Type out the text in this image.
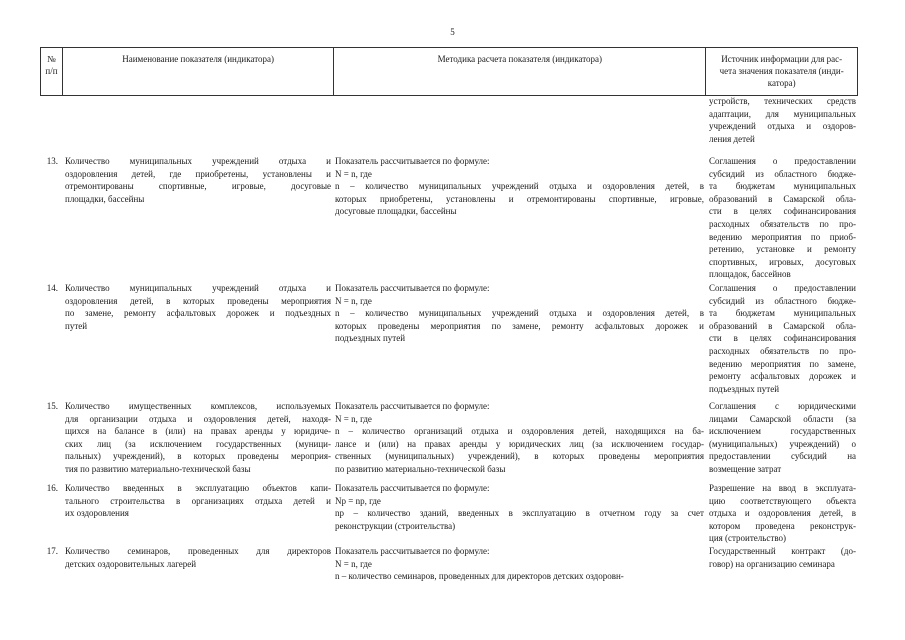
5
№
п/п
Наименование показателя (индикатора)	Методика расчета показателя (индикатора)	Источник информации для рас-
чета значения показателя (инди-
катора)
устройств, технических средств
адаптации, для муниципальных
учреждений отдыха и оздоров-
ления детей
13. Количество муниципальных учреждений отдыха и
оздоровления детей, где приобретены, установлены и
отремонтированы спортивные, игровые, досуговые
площадки, бассейны
Показатель рассчитывается по формуле:
N = n, где
n – количество муниципальных учреждений отдыха и оздоровления детей, в
которых приобретены, установлены и отремонтированы спортивные, игровые,
досуговые площадки, бассейны
Соглашения о предоставлении
субсидий из областного бюдже-
та бюджетам муниципальных
образований в Самарской обла-
сти в целях софинансирования
расходных обязательств по про-
ведению мероприятия по приоб-
ретению, установке и ремонту
спортивных, игровых, досуговых
площадок, бассейнов
14. Количество муниципальных учреждений отдыха и
оздоровления детей, в которых проведены мероприятия
по замене, ремонту асфальтовых дорожек и подъездных
путей
Показатель рассчитывается по формуле:
N = n, где
n – количество муниципальных учреждений отдыха и оздоровления детей, в
которых проведены мероприятия по замене, ремонту асфальтовых дорожек и
подъездных путей
Соглашения о предоставлении
субсидий из областного бюдже-
та бюджетам муниципальных
образований в Самарской обла-
сти в целях софинансирования
расходных обязательств по про-
ведению мероприятия по замене,
ремонту асфальтовых дорожек и
подъездных путей
15. Количество имущественных комплексов, используемых
для организации отдыха и оздоровления детей, находя-
щихся на балансе в (или) на правах аренды у юридиче-
ских лиц (за исключением государственных (муници-
пальных) учреждений), в которых проведены мероприя-
тия по развитию материально-технической базы
Показатель рассчитывается по формуле:
N = n, где
n – количество организаций отдыха и оздоровления детей, находящихся на ба-
лансе и (или) на правах аренды у юридических лиц (за исключением государ-
ственных (муниципальных) учреждений), в которых проведены мероприятия
по развитию материально-технической базы
Соглашения с юридическими
лицами Самарской области (за
исключением государственных
(муниципальных) учреждений) о
предоставлении субсидий на
возмещение затрат
16. Количество введенных в эксплуатацию объектов капи-
тального строительства в организациях отдыха детей и
их оздоровления
Показатель рассчитывается по формуле:
Np = np, где
np – количество зданий, введенных в эксплуатацию в отчетном году за счет
реконструкции (строительства)
Разрешение на ввод в эксплуата-
цию соответствующего объекта
отдыха и оздоровления детей, в
котором проведена реконструк-
ция (строительство)
17. Количество семинаров, проведенных для директоров
детских оздоровительных лагерей
Показатель рассчитывается по формуле:
N = n, где
n – количество семинаров, проведенных для директоров детских оздоровн-
Государственный контракт (до-
говор) на организацию семинара
